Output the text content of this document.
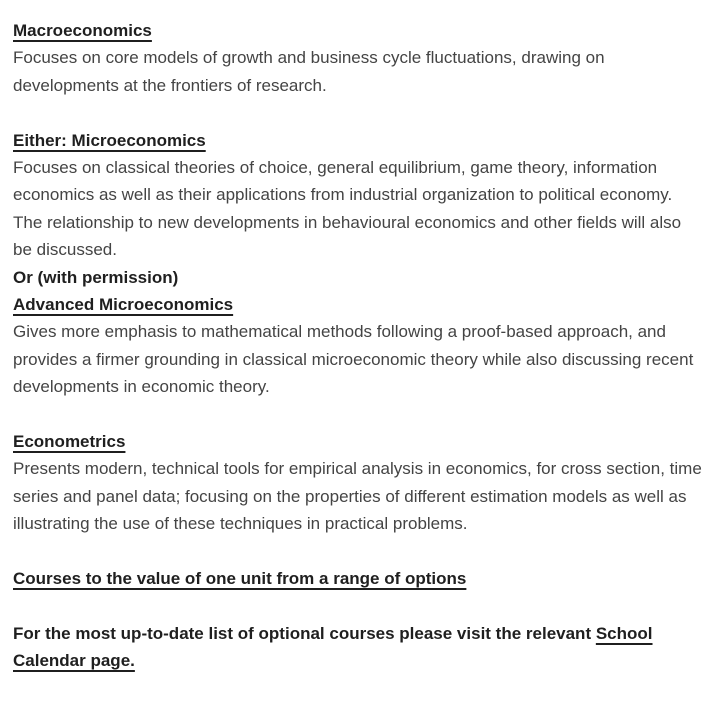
Macroeconomics

Focuses on core models of growth and business cycle fluctuations, drawing on developments at the frontiers of research.

Either: Microeconomics

Focuses on classical theories of choice, general equilibrium, game theory, information economics as well as their applications from industrial organization to political economy. The relationship to new developments in behavioural economics and other fields will also be discussed.

Or (with permission)
Advanced Microeconomics

Gives more emphasis to mathematical methods following a proof-based approach, and provides a firmer grounding in classical microeconomic theory while also discussing recent developments in economic theory.

Econometrics

Presents modern, technical tools for empirical analysis in economics, for cross section, time series and panel data; focusing on the properties of different estimation models as well as illustrating the use of these techniques in practical problems.

Courses to the value of one unit from a range of options
For the most up-to-date list of optional courses please visit the relevant School Calendar page.
